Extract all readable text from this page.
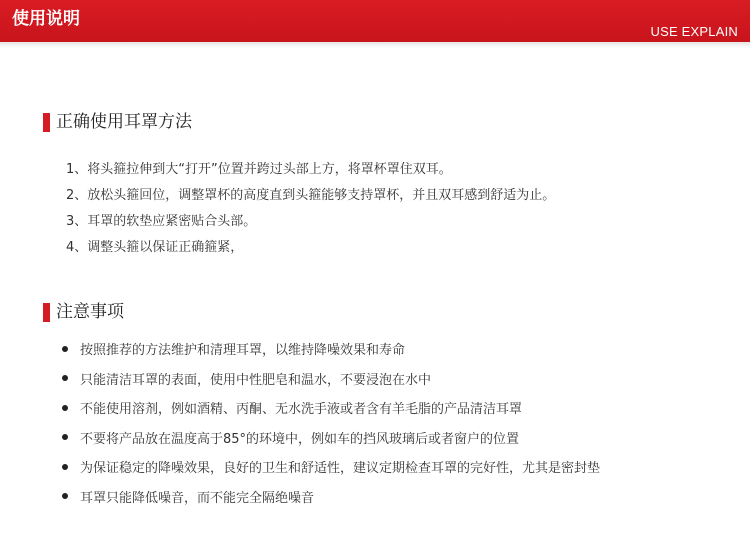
使用说明
USE EXPLAIN
正确使用耳罩方法
1、将头箍拉伸到大“打开”位置并跨过头部上方，将罩杯罩住双耳。
2、放松头箍回位，调整罩杯的高度直到头箍能够支持罩杯，并且双耳感到舒适为止。
3、耳罩的软垫应紧密贴合头部。
4、调整头箍以保证正确箍紧，
注意事项
按照推荐的方法维护和清理耳罩，以维持降噪效果和寿命
只能清洁耳罩的表面，使用中性肥皂和温水，不要浸泡在水中
不能使用溶剂，例如酒精、丙酮、无水洗手液或者含有羊毛脂的产品清洁耳罩
不要将产品放在温度高于85°的环境中，例如车的挡风玻璃后或者窗户的位置
为保证稳定的降噪效果，良好的卫生和舒适性，建议定期检查耳罩的完好性，尤其是密封垫
耳罩只能降低噪音，而不能完全隔绝噪音
